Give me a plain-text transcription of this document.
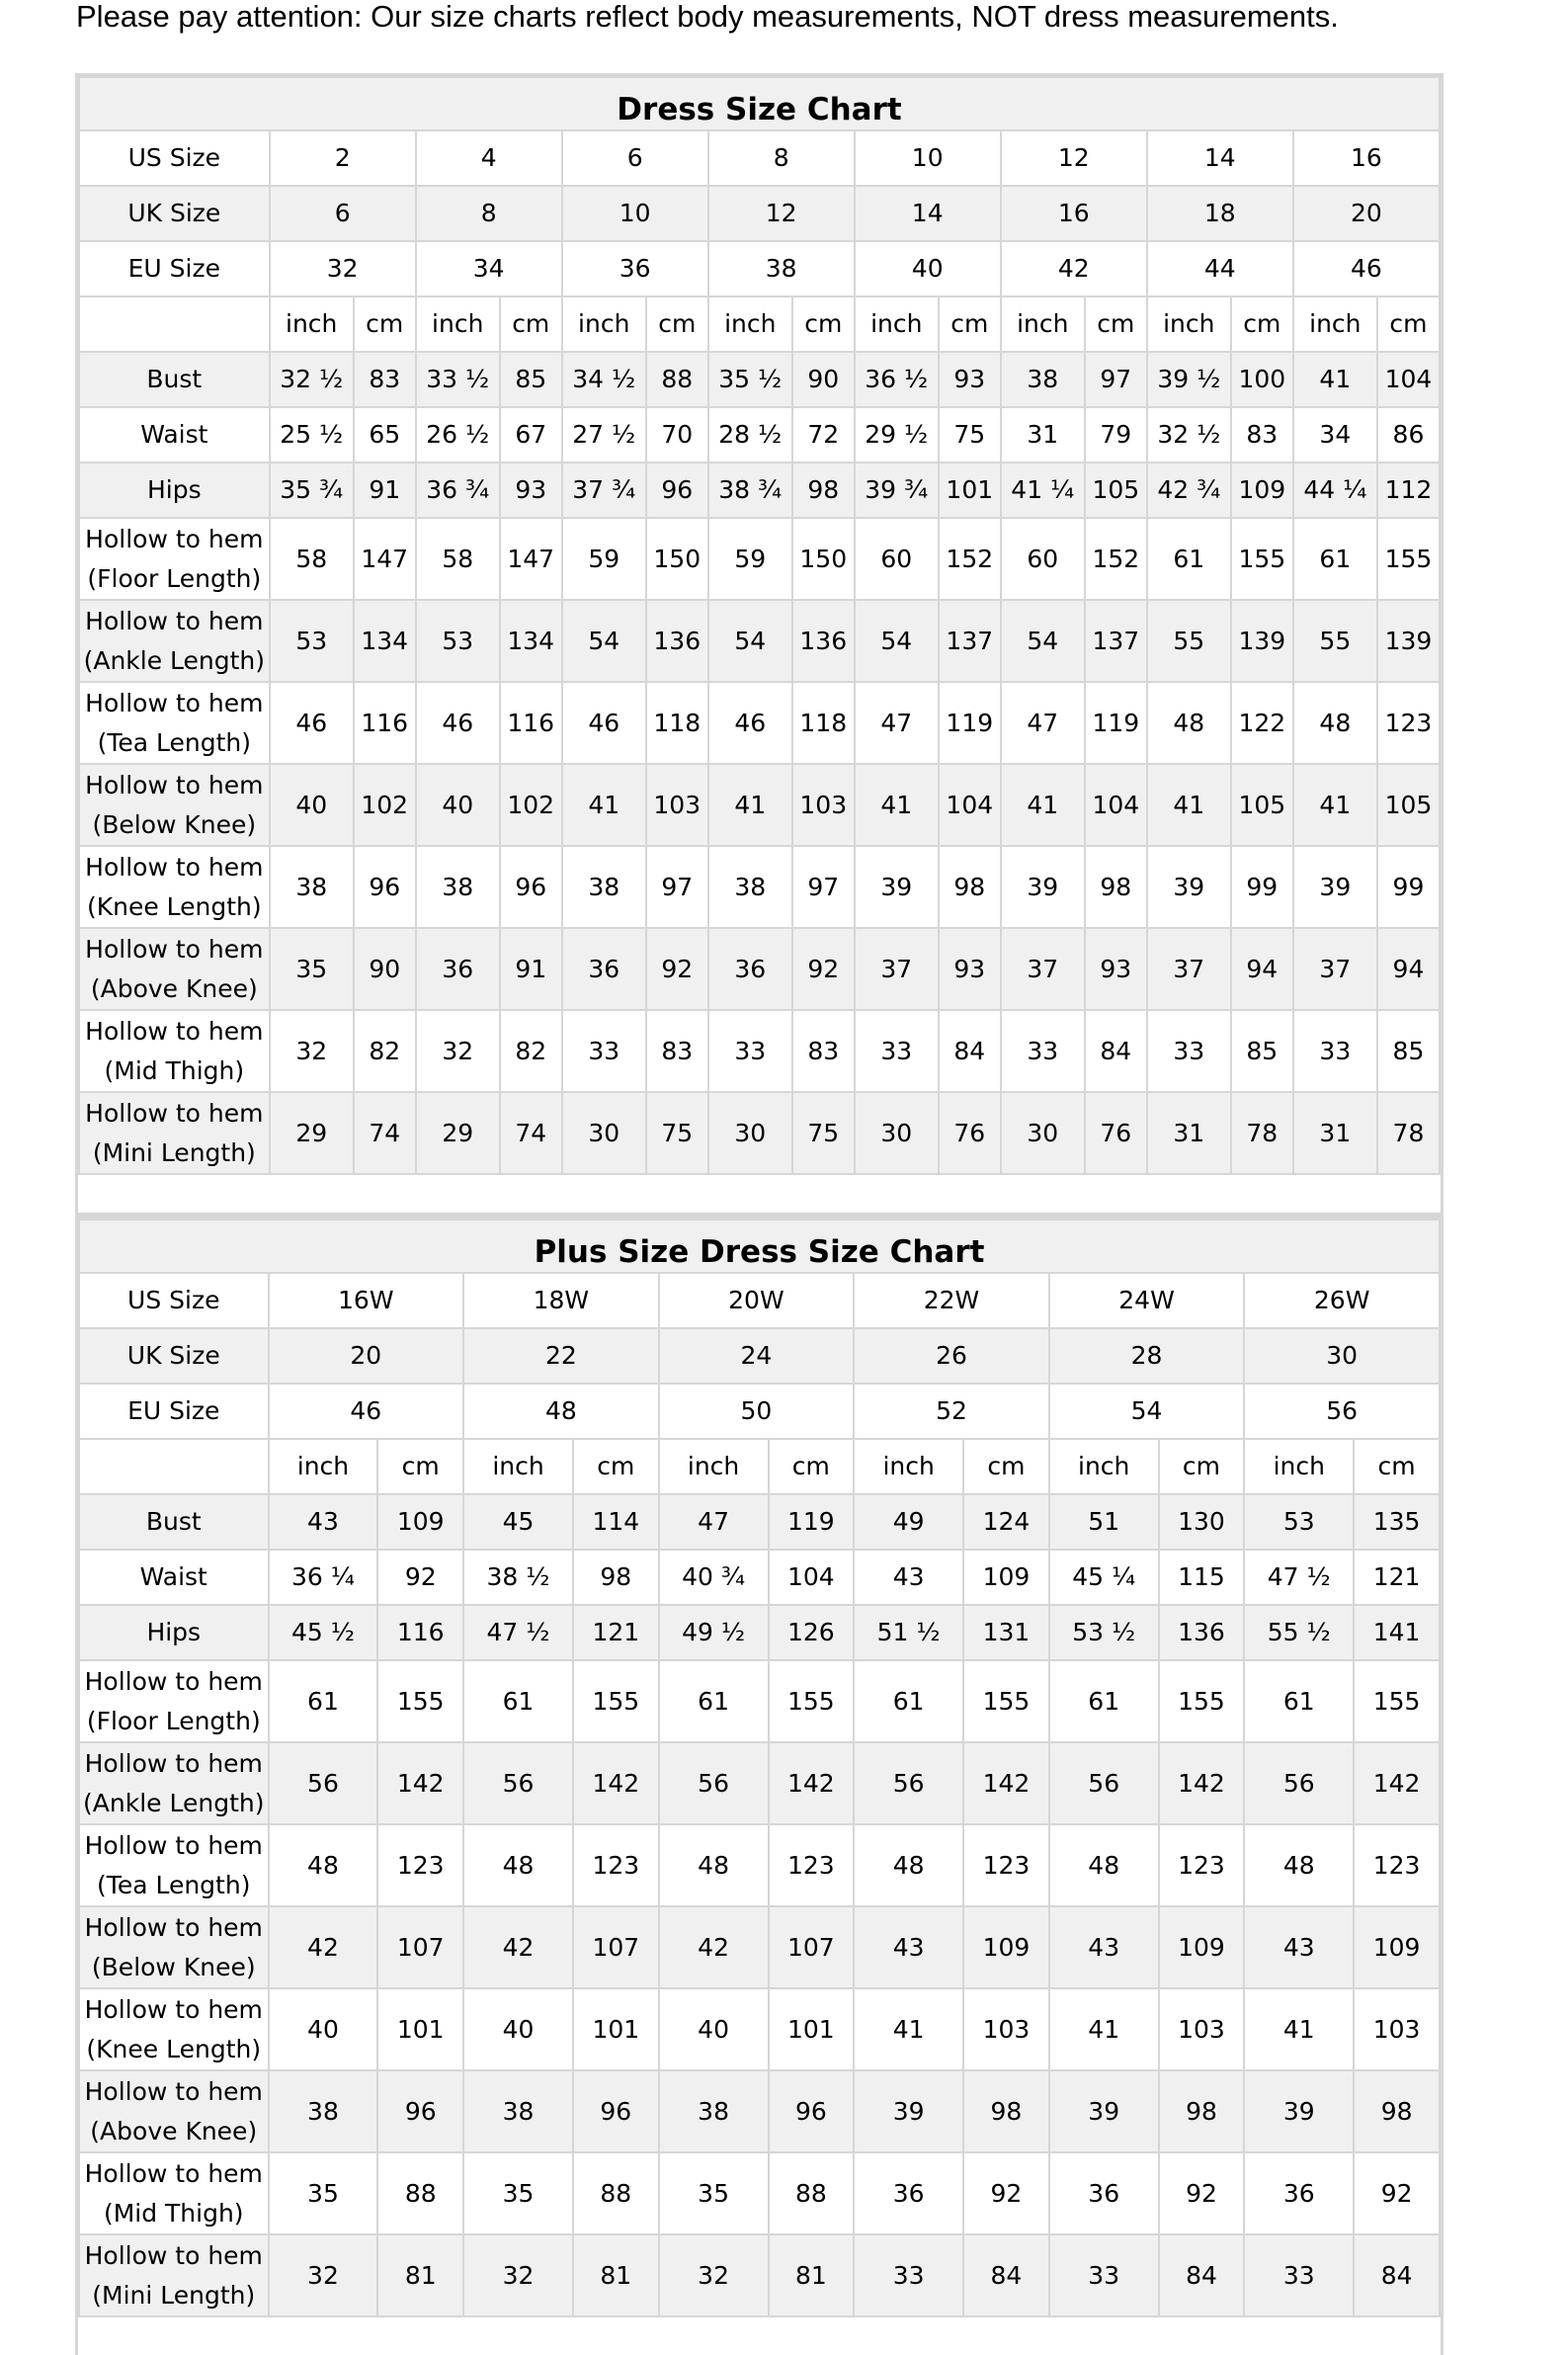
Please pay attention: Our size charts reflect body measurements, NOT dress measurements.
Dress Size Chart																
US Size	2		4		6		8		10		12		14		16	
UK Size	6		8		10		12		14		16		18		20	
EU Size	32		34		36		38		40		42		44		46	
	inch	cm	inch	cm	inch	cm	inch	cm	inch	cm	inch	cm	inch	cm	inch	cm
Bust	32 ½	83	33 ½	85	34 ½	88	35 ½	90	36 ½	93	38	97	39 ½	100	41	104
Waist	25 ½	65	26 ½	67	27 ½	70	28 ½	72	29 ½	75	31	79	32 ½	83	34	86
Hips	35 ¾	91	36 ¾	93	37 ¾	96	38 ¾	98	39 ¾	101	41 ¼	105	42 ¾	109	44 ¼	112
Hollow to hem (Floor Length)	58	147	58	147	59	150	59	150	60	152	60	152	61	155	61	155
Hollow to hem (Ankle Length)	53	134	53	134	54	136	54	136	54	137	54	137	55	139	55	139
Hollow to hem (Tea Length)	46	116	46	116	46	118	46	118	47	119	47	119	48	122	48	123
Hollow to hem (Below Knee)	40	102	40	102	41	103	41	103	41	104	41	104	41	105	41	105
Hollow to hem (Knee Length)	38	96	38	96	38	97	38	97	39	98	39	98	39	99	39	99
Hollow to hem (Above Knee)	35	90	36	91	36	92	36	92	37	93	37	93	37	94	37	94
Hollow to hem (Mid Thigh)	32	82	32	82	33	83	33	83	33	84	33	84	33	85	33	85
Hollow to hem (Mini Length)	29	74	29	74	30	75	30	75	30	76	30	76	31	78	31	78
Plus Size Dress Size Chart												
US Size	16W		18W		20W		22W		24W		26W	
UK Size	20		22		24		26		28		30	
EU Size	46		48		50		52		54		56	
	inch	cm	inch	cm	inch	cm	inch	cm	inch	cm	inch	cm
Bust	43	109	45	114	47	119	49	124	51	130	53	135
Waist	36 ¼	92	38 ½	98	40 ¾	104	43	109	45 ¼	115	47 ½	121
Hips	45 ½	116	47 ½	121	49 ½	126	51 ½	131	53 ½	136	55 ½	141
Hollow to hem (Floor Length)	61	155	61	155	61	155	61	155	61	155	61	155
Hollow to hem (Ankle Length)	56	142	56	142	56	142	56	142	56	142	56	142
Hollow to hem (Tea Length)	48	123	48	123	48	123	48	123	48	123	48	123
Hollow to hem (Below Knee)	42	107	42	107	42	107	43	109	43	109	43	109
Hollow to hem (Knee Length)	40	101	40	101	40	101	41	103	41	103	41	103
Hollow to hem (Above Knee)	38	96	38	96	38	96	39	98	39	98	39	98
Hollow to hem (Mid Thigh)	35	88	35	88	35	88	36	92	36	92	36	92
Hollow to hem (Mini Length)	32	81	32	81	32	81	33	84	33	84	33	84
